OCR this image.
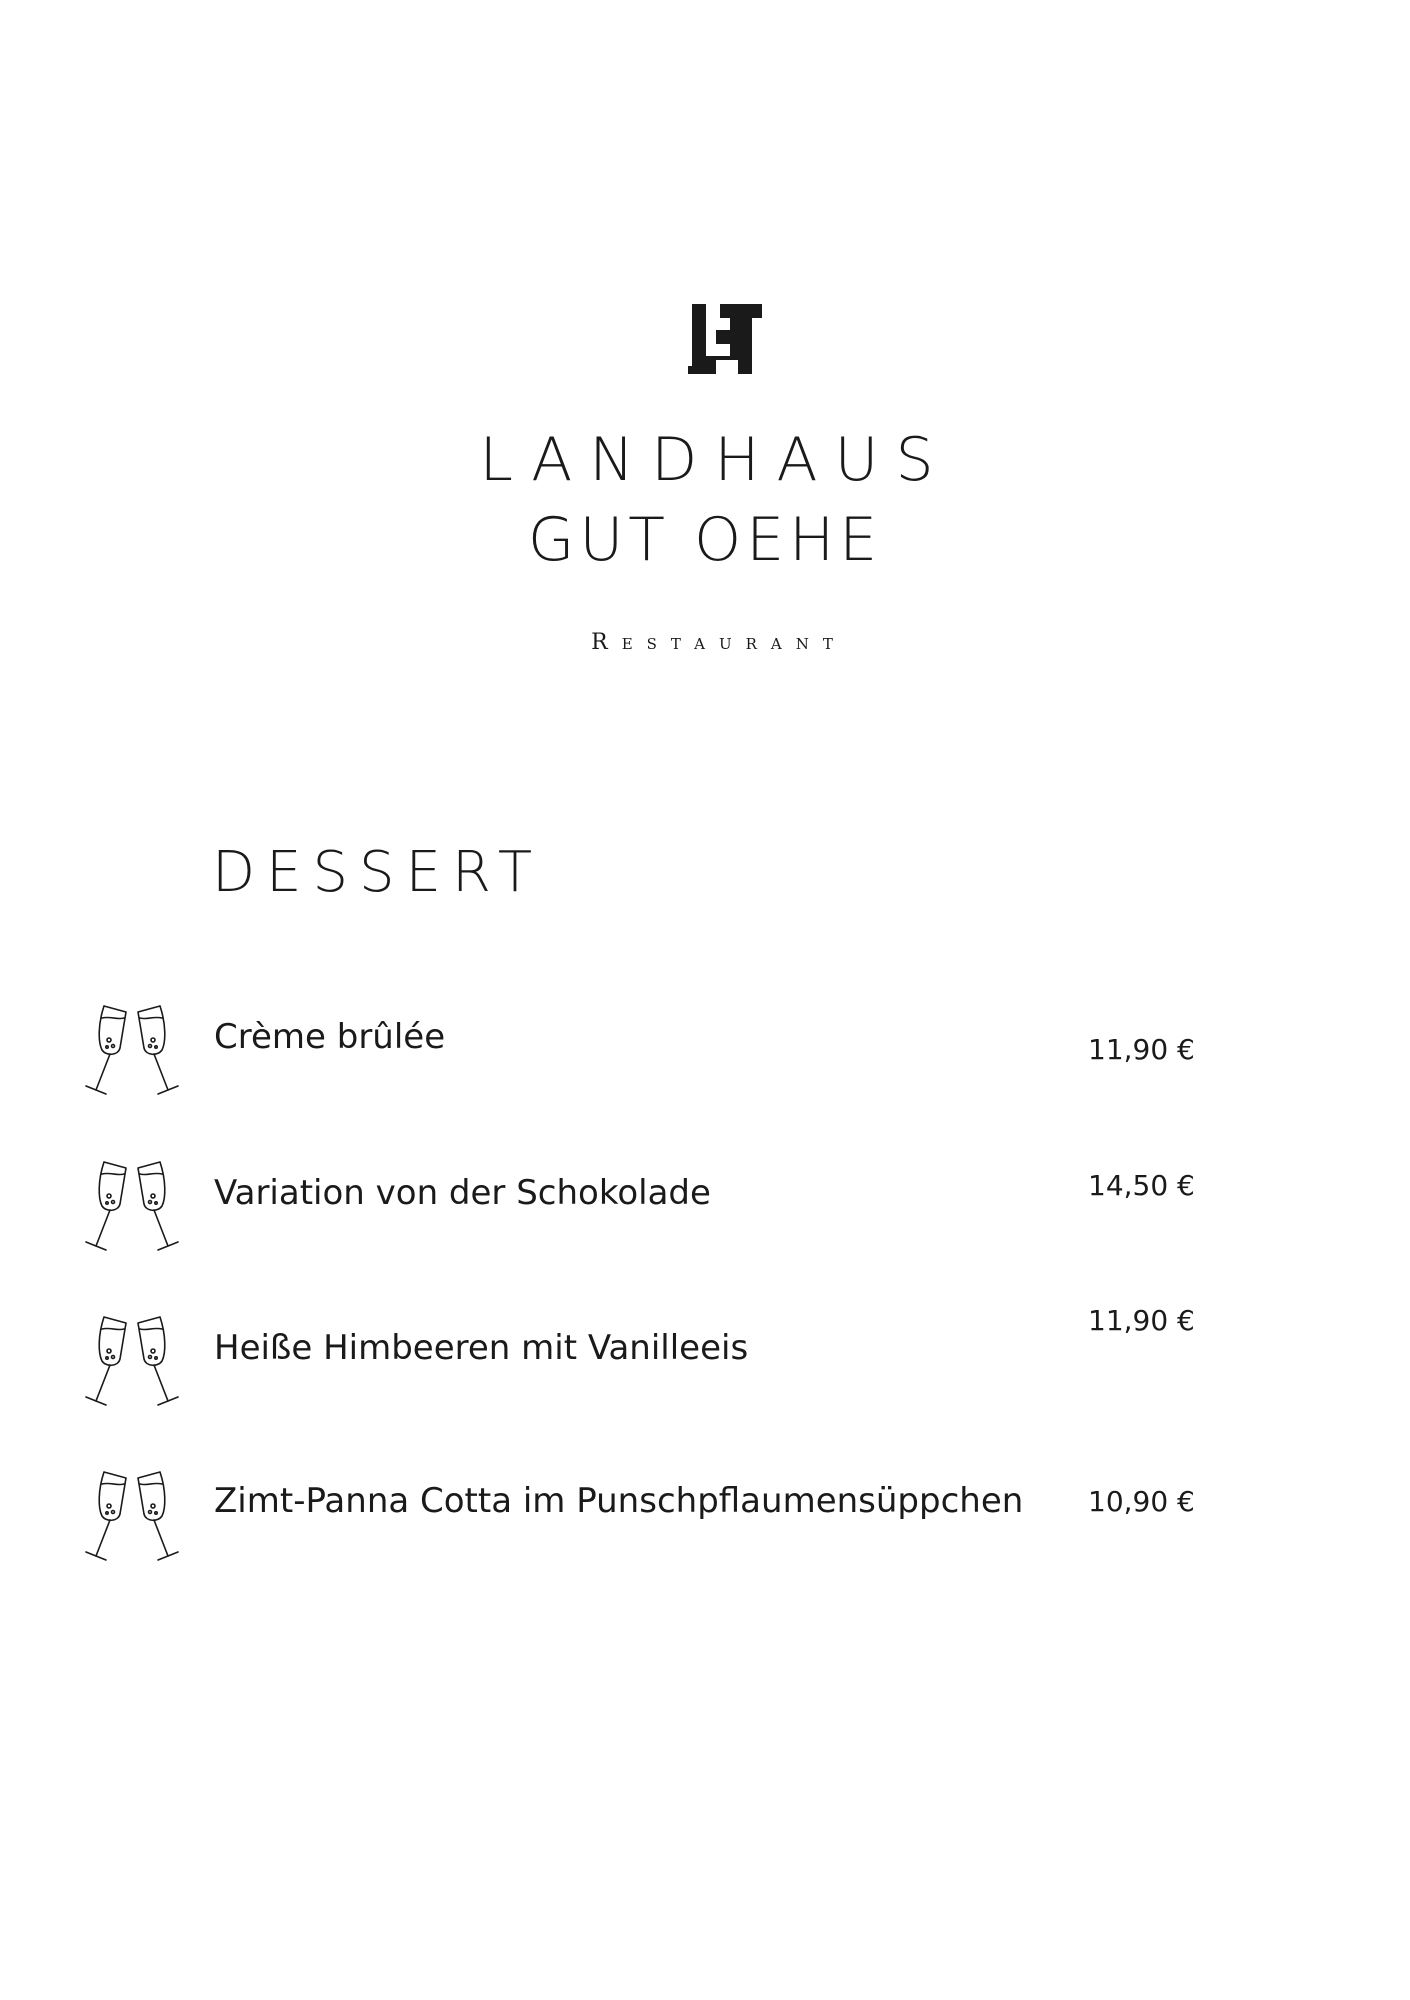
LANDHAUS
GUT OEHE
Restaurant
DESSERT
Crème brûlée	11,90 €
Variation von der Schokolade	14,50 €
Heiße Himbeeren mit Vanilleeis
11,90 €
Zimt-Panna Cotta im Punschpflaumensüppchen 10,90 €
